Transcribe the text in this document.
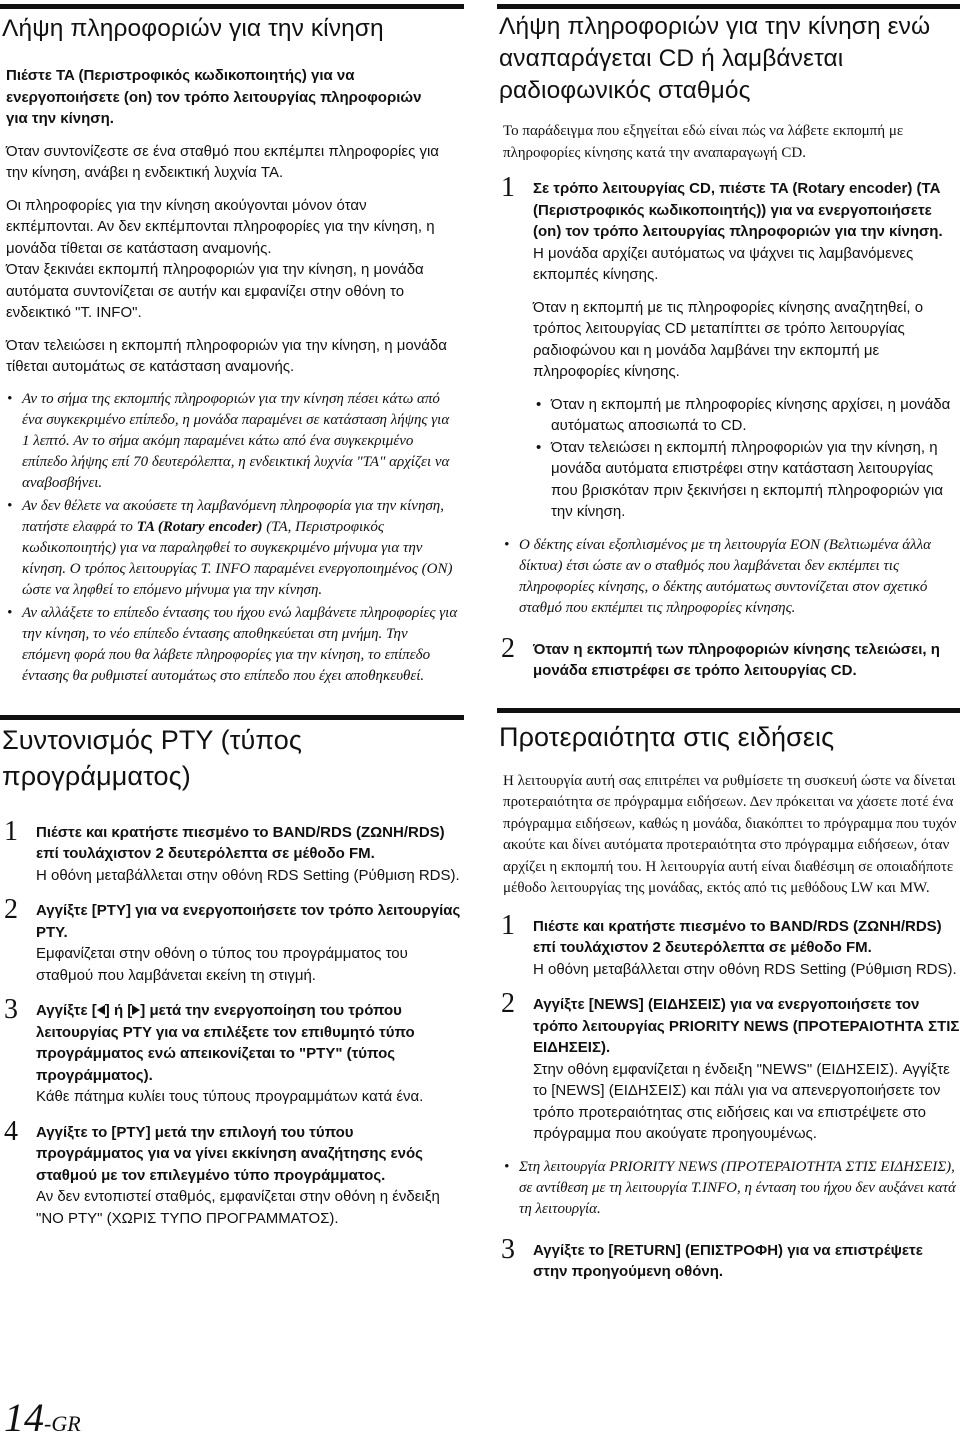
Λήψη πληροφοριών για την κίνηση

Πιέστε TA (Περιστροφικός κωδικοποιητής) για να ενεργοποιήσετε (on) τον τρόπο λειτουργίας πληροφοριών για την κίνηση.

Όταν συντονίζεστε σε ένα σταθμό που εκπέμπει πληροφορίες για την κίνηση, ανάβει η ενδεικτική λυχνία TA.

Οι πληροφορίες για την κίνηση ακούγονται μόνον όταν εκπέμπονται. Αν δεν εκπέμπονται πληροφορίες για την κίνηση, η μονάδα τίθεται σε κατάσταση αναμονής.

Όταν ξεκινάει εκπομπή πληροφοριών για την κίνηση, η μονάδα αυτόματα συντονίζεται σε αυτήν και εμφανίζει στην οθόνη το ενδεικτικό "T. INFO".

Όταν τελειώσει η εκπομπή πληροφοριών για την κίνηση, η μονάδα τίθεται αυτομάτως σε κατάσταση αναμονής.

• Αν το σήμα της εκπομπής πληροφοριών για την κίνηση πέσει κάτω από ένα συγκεκριμένο επίπεδο, η μονάδα παραμένει σε κατάσταση λήψης για 1 λεπτό. Αν το σήμα ακόμη παραμένει κάτω από ένα συγκεκριμένο επίπεδο λήψης επί 70 δευτερόλεπτα, η ενδεικτική λυχνία "TA" αρχίζει να αναβοσβήνει.
• Αν δεν θέλετε να ακούσετε τη λαμβανόμενη πληροφορία για την κίνηση, πατήστε ελαφρά το TA (Rotary encoder) (TA, Περιστροφικός κωδικοποιητής) για να παραληφθεί το συγκεκριμένο μήνυμα για την κίνηση. Ο τρόπος λειτουργίας T. INFO παραμένει ενεργοποιημένος (ON) ώστε να ληφθεί το επόμενο μήνυμα για την κίνηση.
• Αν αλλάξετε το επίπεδο έντασης του ήχου ενώ λαμβάνετε πληροφορίες για την κίνηση, το νέο επίπεδο έντασης αποθηκεύεται στη μνήμη. Την επόμενη φορά που θα λάβετε πληροφορίες για την κίνηση, το επίπεδο έντασης θα ρυθμιστεί αυτομάτως στο επίπεδο που έχει αποθηκευθεί.
Συντονισμός PTY (τύπος προγράμματος)
1 Πιέστε και κρατήστε πιεσμένο το BAND/RDS (ΖΩΝΗ/RDS) επί τουλάχιστον 2 δευτερόλεπτα σε μέθοδο FM.

Η οθόνη μεταβάλλεται στην οθόνη RDS Setting (Ρύθμιση RDS).

2 Αγγίξτε [PTY] για να ενεργοποιήσετε τον τρόπο λειτουργίας PTY.

Εμφανίζεται στην οθόνη ο τύπος του προγράμματος του σταθμού που λαμβάνεται εκείνη τη στιγμή.

3 Αγγίξτε [ ] ή [ ] μετά την ενεργοποίηση του τρόπου λειτουργίας PTY για να επιλέξετε τον επιθυμητό τύπο προγράμματος ενώ απεικονίζεται το "PTY" (τύπος προγράμματος).

Κάθε πάτημα κυλίει τους τύπους προγραμμάτων κατά ένα.

4 Αγγίξτε το [PTY] μετά την επιλογή του τύπου προγράμματος για να γίνει εκκίνηση αναζήτησης ενός σταθμού με τον επιλεγμένο τύπο προγράμματος.

Αν δεν εντοπιστεί σταθμός, εμφανίζεται στην οθόνη η ένδειξη "NO PTY" (ΧΩΡΙΣ ΤΥΠΟ ΠΡΟΓΡΑΜΜΑΤΟΣ).

Λήψη πληροφοριών για την κίνηση ενώ αναπαράγεται CD ή λαμβάνεται ραδιοφωνικός σταθμός

Το παράδειγμα που εξηγείται εδώ είναι πώς να λάβετε εκπομπή με πληροφορίες κίνησης κατά την αναπαραγωγή CD.

1 Σε τρόπο λειτουργίας CD, πιέστε TA (Rotary encoder) (TA (Περιστροφικός κωδικοποιητής)) για να ενεργοποιήσετε (on) τον τρόπο λειτουργίας πληροφοριών για την κίνηση.

Η μονάδα αρχίζει αυτόματως να ψάχνει τις λαμβανόμενες εκπομπές κίνησης.

Όταν η εκπομπή με τις πληροφορίες κίνησης αναζητηθεί, ο τρόπος λειτουργίας CD μεταπίπτει σε τρόπο λειτουργίας ραδιοφώνου και η μονάδα λαμβάνει την εκπομπή με πληροφορίες κίνησης.

• Όταν η εκπομπή με πληροφορίες κίνησης αρχίσει, η μονάδα αυτόματως αποσιωπά το CD.
• Όταν τελειώσει η εκπομπή πληροφοριών για την κίνηση, η μονάδα αυτόματα επιστρέφει στην κατάσταση λειτουργίας που βρισκόταν πριν ξεκινήσει η εκπομπή πληροφοριών για την κίνηση.
• Ο δέκτης είναι εξοπλισμένος με τη λειτουργία EON (Βελτιωμένα άλλα δίκτυα) έτσι ώστε αν ο σταθμός που λαμβάνεται δεν εκπέμπει τις πληροφορίες κίνησης, ο δέκτης αυτόματως συντονίζεται στον σχετικό σταθμό που εκπέμπει τις πληροφορίες κίνησης.
2 Όταν η εκπομπή των πληροφοριών κίνησης τελειώσει, η μονάδα επιστρέφει σε τρόπο λειτουργίας CD.

Προτεραιότητα στις ειδήσεις

Η λειτουργία αυτή σας επιτρέπει να ρυθμίσετε τη συσκευή ώστε να δίνεται προτεραιότητα σε πρόγραμμα ειδήσεων. Δεν πρόκειται να χάσετε ποτέ ένα πρόγραμμα ειδήσεων, καθώς η μονάδα, διακόπτει το πρόγραμμα που τυχόν ακούτε και δίνει αυτόματα προτεραιότητα στο πρόγραμμα ειδήσεων, όταν αρχίζει η εκπομπή του. Η λειτουργία αυτή είναι διαθέσιμη σε οποιαδήποτε μέθοδο λειτουργίας της μονάδας, εκτός από τις μεθόδους LW και MW.

1 Πιέστε και κρατήστε πιεσμένο το BAND/RDS (ΖΩΝΗ/RDS) επί τουλάχιστον 2 δευτερόλεπτα σε μέθοδο FM.

Η οθόνη μεταβάλλεται στην οθόνη RDS Setting (Ρύθμιση RDS).

2 Αγγίξτε [NEWS] (ΕΙΔΗΣΕΙΣ) για να ενεργοποιήσετε τον τρόπο λειτουργίας PRIORITY NEWS (ΠΡΟΤΕΡΑΙΟΤΗΤΑ ΣΤΙΣ ΕΙΔΗΣΕΙΣ).

Στην οθόνη εμφανίζεται η ένδειξη "NEWS" (ΕΙΔΗΣΕΙΣ). Αγγίξτε το [NEWS] (ΕΙΔΗΣΕΙΣ) και πάλι για να απενεργοποιήσετε τον τρόπο προτεραιότητας στις ειδήσεις και να επιστρέψετε στο πρόγραμμα που ακούγατε προηγουμένως.

• Στη λειτουργία PRIORITY NEWS (ΠΡΟΤΕΡΑΙΟΤΗΤΑ ΣΤΙΣ ΕΙΔΗΣΕΙΣ), σε αντίθεση με τη λειτουργία T.INFO, η ένταση του ήχου δεν αυξάνει κατά τη λειτουργία.
3 Αγγίξτε το [RETURN] (ΕΠΙΣΤΡΟΦΗ) για να επιστρέψετε στην προηγούμενη οθόνη.

14-GR
